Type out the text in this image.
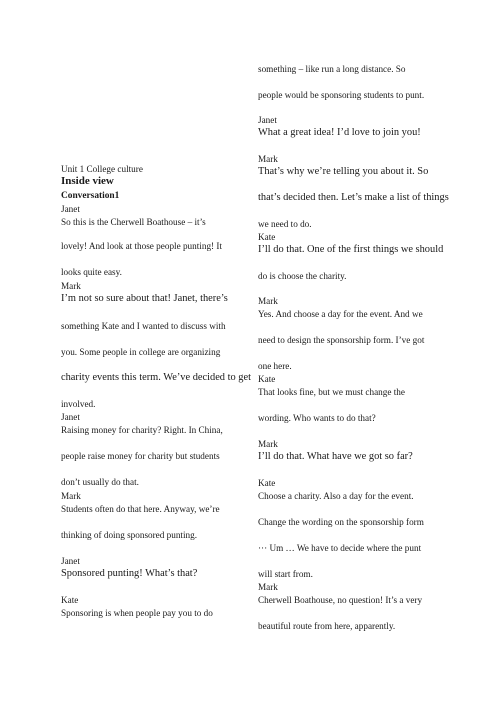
Unit 1 College culture
Inside view
Conversation1
Janet
So this is the Cherwell Boathouse – it’s
lovely! And look at those people punting! It
looks quite easy.
Mark
I’m not so sure about that! Janet, there’s
something Kate and I wanted to discuss with
you. Some people in college are organizing
charity events this term. We’ve decided to get
involved.
Janet
Raising money for charity? Right. In China,
people raise money for charity but students
don’t usually do that.
Mark
Students often do that here. Anyway, we’re
thinking of doing sponsored punting.
Janet
Sponsored punting! What’s that?
Kate
Sponsoring is when people pay you to do
something – like run a long distance. So
people would be sponsoring students to punt.
Janet
What a great idea! I’d love to join you!
Mark
That’s why we’re telling you about it. So
that’s decided then. Let’s make a list of things
we need to do.
Kate
I’ll do that. One of the first things we should
do is choose the charity.
Mark
Yes. And choose a day for the event. And we
need to design the sponsorship form. I’ve got
one here.
Kate
That looks fine, but we must change the
wording. Who wants to do that?
Mark
I’ll do that. What have we got so far?
Kate
Choose a charity. Also a day for the event.
Change the wording on the sponsorship form
··· Um … We have to decide where the punt
will start from.
Mark
Cherwell Boathouse, no question! It’s a very
beautiful route from here, apparently.
